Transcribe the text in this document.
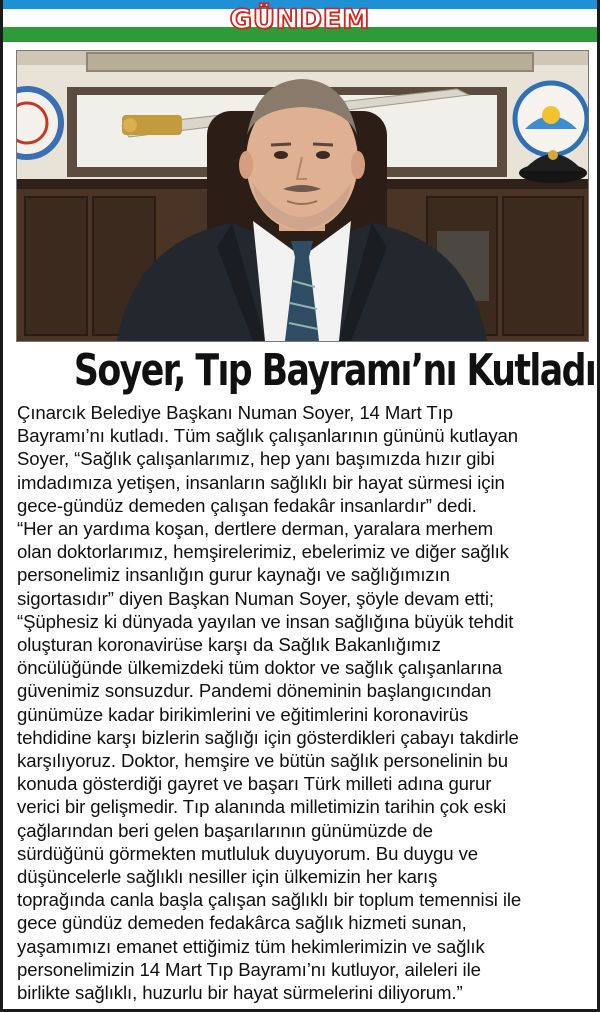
GÜNDEM
Soyer, Tıp Bayramı’nı Kutladı
Çınarcık Belediye Başkanı Numan Soyer, 14 Mart Tıp
Bayramı’nı kutladı. Tüm sağlık çalışanlarının gününü kutlayan
Soyer, “Sağlık çalışanlarımız, hep yanı başımızda hızır gibi
imdadımıza yetişen, insanların sağlıklı bir hayat sürmesi için
gece-gündüz demeden çalışan fedakâr insanlardır” dedi.
“Her an yardıma koşan, dertlere derman, yaralara merhem
olan doktorlarımız, hemşirelerimiz, ebelerimiz ve diğer sağlık
personelimiz insanlığın gurur kaynağı ve sağlığımızın
sigortasıdır” diyen Başkan Numan Soyer, şöyle devam etti;
“Şüphesiz ki dünyada yayılan ve insan sağlığına büyük tehdit
oluşturan koronavirüse karşı da Sağlık Bakanlığımız
öncülüğünde ülkemizdeki tüm doktor ve sağlık çalışanlarına
güvenimiz sonsuzdur. Pandemi döneminin başlangıcından
günümüze kadar birikimlerini ve eğitimlerini koronavirüs
tehdidine karşı bizlerin sağlığı için gösterdikleri çabayı takdirle
karşılıyoruz. Doktor, hemşire ve bütün sağlık personelinin bu
konuda gösterdiği gayret ve başarı Türk milleti adına gurur
verici bir gelişmedir. Tıp alanında milletimizin tarihin çok eski
çağlarından beri gelen başarılarının günümüzde de
sürdüğünü görmekten mutluluk duyuyorum. Bu duygu ve
düşüncelerle sağlıklı nesiller için ülkemizin her karış
toprağında canla başla çalışan sağlıklı bir toplum temennisi ile
gece gündüz demeden fedakârca sağlık hizmeti sunan,
yaşamımızı emanet ettiğimiz tüm hekimlerimizin ve sağlık
personelimizin 14 Mart Tıp Bayramı’nı kutluyor, aileleri ile
birlikte sağlıklı, huzurlu bir hayat sürmelerini diliyorum.”
